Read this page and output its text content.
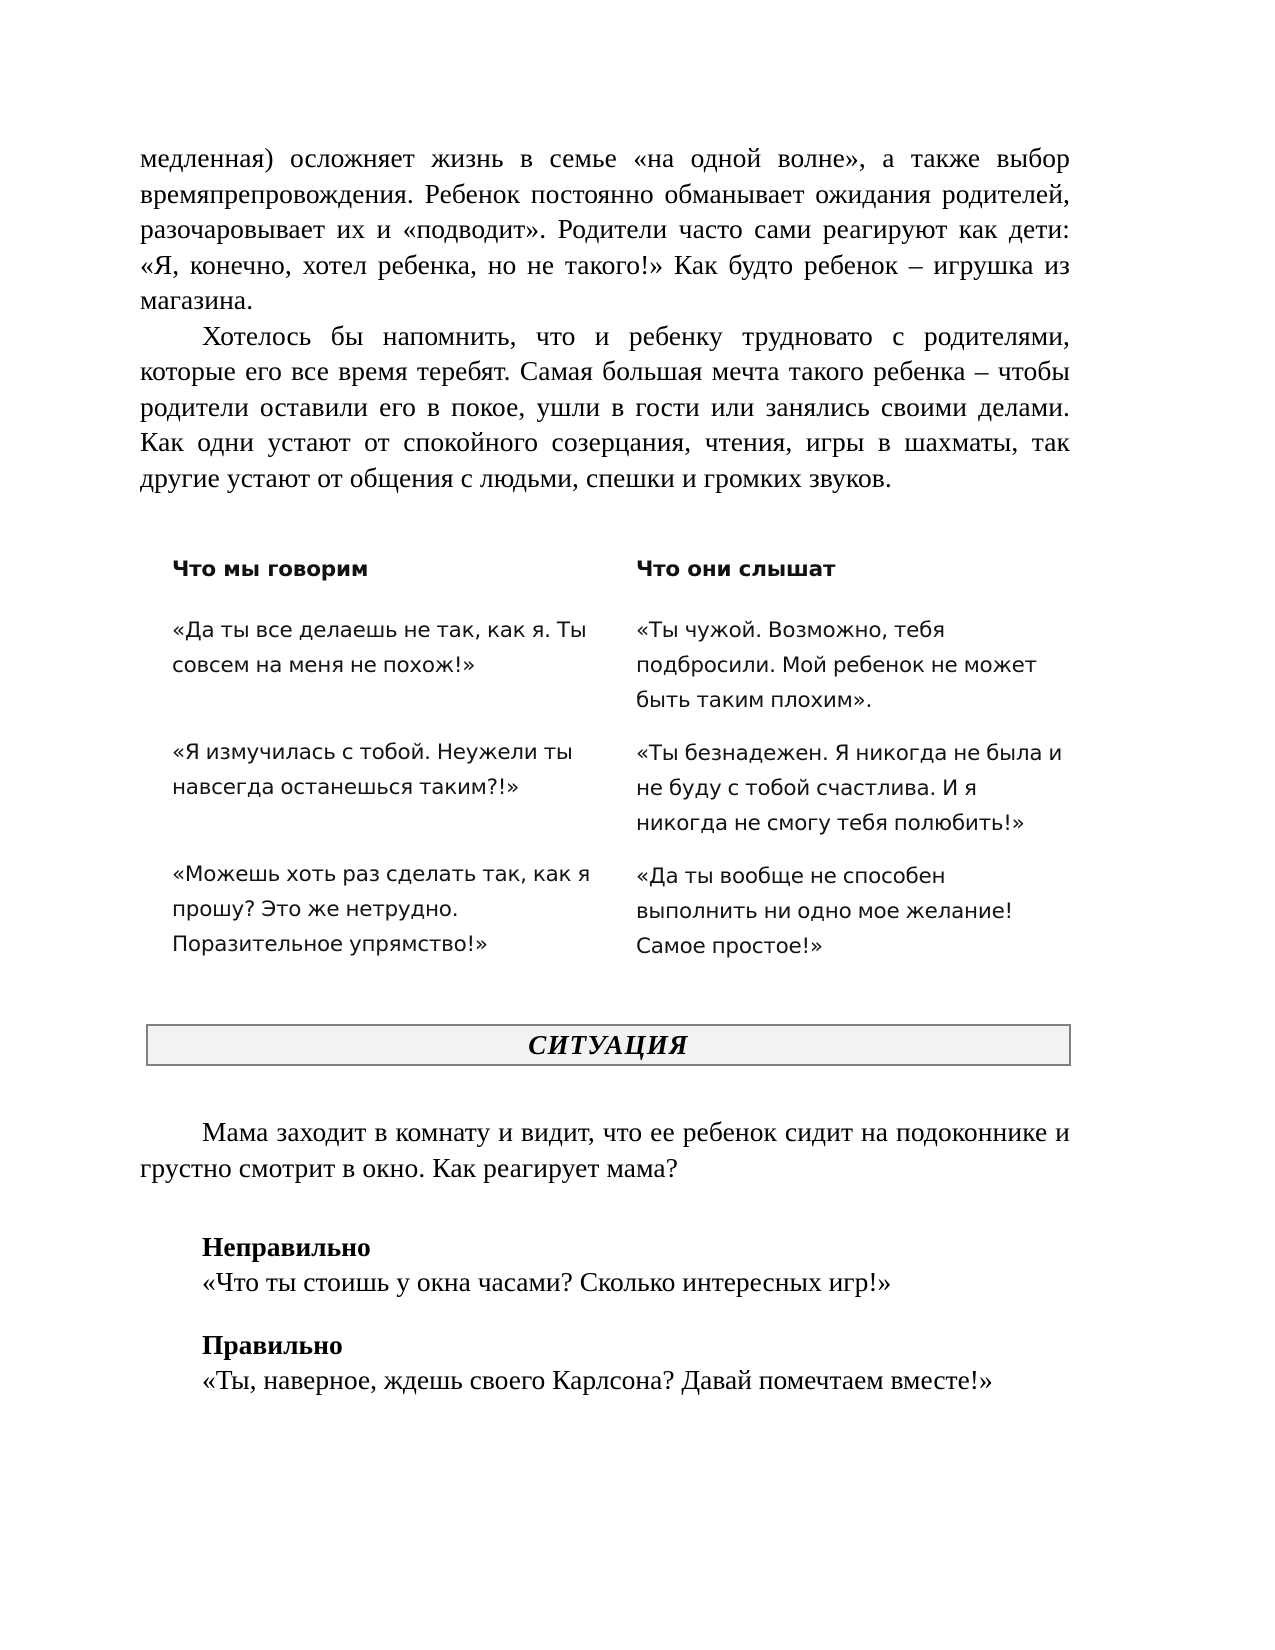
медленная) осложняет жизнь в семье «на одной волне», а также выбор времяпрепровождения. Ребенок постоянно обманывает ожидания родителей, разочаровывает их и «подводит». Родители часто сами реагируют как дети: «Я, конечно, хотел ребенка, но не такого!» Как будто ребенок – игрушка из магазина.

Хотелось бы напомнить, что и ребенку трудновато с родителями, которые его все время теребят. Самая большая мечта такого ребенка – чтобы родители оставили его в покое, ушли в гости или занялись своими делами. Как одни устают от спокойного созерцания, чтения, игры в шахматы, так другие устают от общения с людьми, спешки и громких звуков.

Что мы говорим
«Да ты все делаешь не так, как я. Ты совсем на меня не похож!»
«Я измучилась с тобой. Неужели ты навсегда останешься таким?!»
«Можешь хоть раз сделать так, как я прошу? Это же нетрудно. Поразительное упрямство!»
Что они слышат
«Ты чужой. Возможно, тебя подбросили. Мой ребенок не может быть таким плохим».
«Ты безнадежен. Я никогда не была и не буду с тобой счастлива. И я никогда не смогу тебя полюбить!»
«Да ты вообще не способен выполнить ни одно мое желание! Самое простое!»
СИТУАЦИЯ

Мама заходит в комнату и видит, что ее ребенок сидит на подоконнике и грустно смотрит в окно. Как реагирует мама?

Неправильно

«Что ты стоишь у окна часами? Сколько интересных игр!»

Правильно

«Ты, наверное, ждешь своего Карлсона? Давай помечтаем вместе!»
